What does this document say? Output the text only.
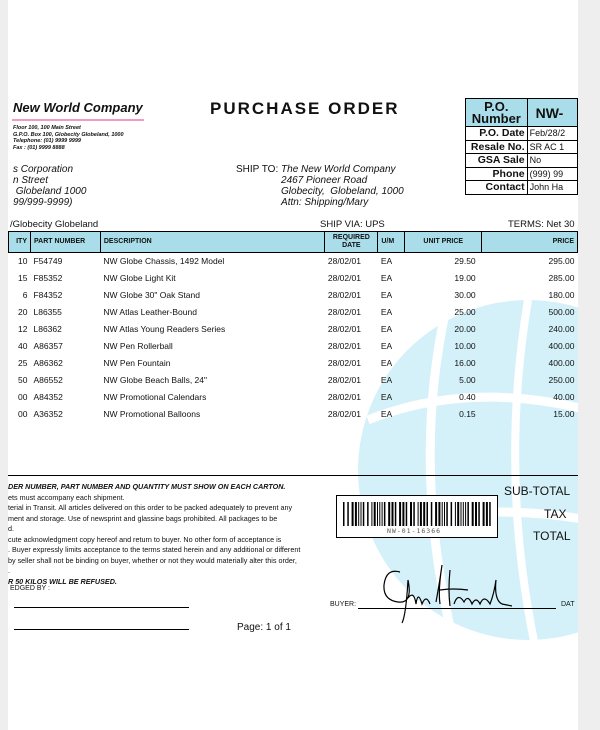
New World Company
Floor 100, 100 Main Street
G.P.O. Box 100, Globecity Globeland, 1000
Telephone: (01) 9999 9999
Fax : (01) 9999 8888
PURCHASE ORDER	P.O. Number	NW-
P.O. Date	Feb/28/2
Resale No.	SR AC 1
GSA Sale	No
Phone	(999) 99
Contact	John Ha
s Corporation
n Street
Globeland 1000
99/999-9999)
SHIP TO: The New World Company
2467 Pioneer Road
Globecity,  Globeland, 1000
Attn: Shipping/Mary
/Globecity Globeland	SHIP VIA: UPS	TERMS: Net 30
ITY	PART NUMBER	DESCRIPTION	REQUIRED DATE	U/M	UNIT PRICE	PRICE
10	F54749	NW Globe Chassis, 1492 Model	28/02/01	EA	29.50	295.00
15	F85352	NW Globe Light Kit	28/02/01	EA	19.00	285.00
6	F84352	NW Globe 30" Oak Stand	28/02/01	EA	30.00	180.00
20	L86355	NW Atlas Leather-Bound	28/02/01	EA	25.00	500.00
12	L86362	NW Atlas Young Readers Series	28/02/01	EA	20.00	240.00
40	A86357	NW Pen Rollerball	28/02/01	EA	10.00	400.00
25	A86362	NW Pen Fountain	28/02/01	EA	16.00	400.00
50	A86552	NW Globe Beach Balls, 24"	28/02/01	EA	5.00	250.00
00	A84352	NW Promotional Calendars	28/02/01	EA	0.40	40.00
00	A36352	NW Promotional Balloons	28/02/01	EA	0.15	15.00
DER NUMBER, PART NUMBER AND QUANTITY MUST SHOW ON EACH CARTON.
ets must accompany each shipment.
terial in Transit. All articles delivered on this order to be packed adequately to prevent any
ment and storage. Use of newsprint and glassine bags prohibited. All packages to be
d.
cute acknowledgment copy hereof and return to buyer. No other form of acceptance is
. Buyer expressly limits acceptance to the terms stated herein and any additional or different
by seller shall not be binding on buyer, whether or not they would materially alter this order,
.
R 50 KILOS WILL BE REFUSED.
NW-01-16366
SUB-TOTAL
TAX
TOTAL
EDGED BY :
Page: 1 of 1
BUYER:	DAT
